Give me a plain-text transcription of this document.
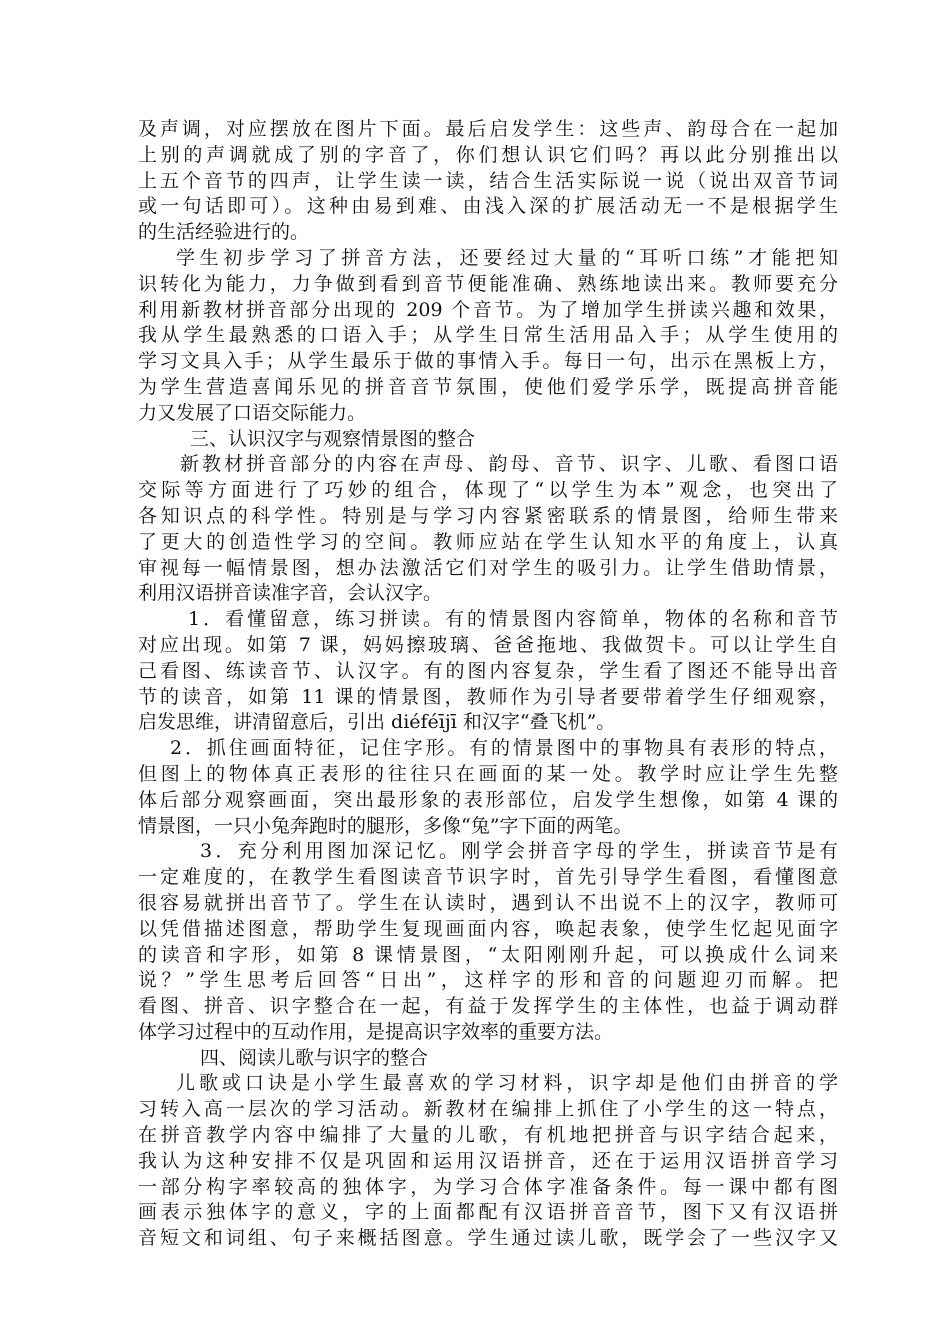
及声调，对应摆放在图片下面。最后启发学生：这些声、韵母合在一起加
上别的声调就成了别的字音了，你们想认识它们吗？再以此分别推出以
上五个音节的四声，让学生读一读，结合生活实际说一说（说出双音节词
或一句话即可）。这种由易到难、由浅入深的扩展活动无一不是根据学生
的生活经验进行的。
学生初步学习了拼音方法，还要经过大量的“耳听口练”才能把知
识转化为能力，力争做到看到音节便能准确、熟练地读出来。教师要充分
利用新教材拼音部分出现的 209 个音节。为了增加学生拼读兴趣和效果，
我从学生最熟悉的口语入手；从学生日常生活用品入手；从学生使用的
学习文具入手；从学生最乐于做的事情入手。每日一句，出示在黑板上方，
为学生营造喜闻乐见的拼音音节氛围，使他们爱学乐学，既提高拼音能
力又发展了口语交际能力。
三、认识汉字与观察情景图的整合
新教材拼音部分的内容在声母、韵母、音节、识字、儿歌、看图口语
交际等方面进行了巧妙的组合，体现了“以学生为本”观念，也突出了
各知识点的科学性。特别是与学习内容紧密联系的情景图，给师生带来
了更大的创造性学习的空间。教师应站在学生认知水平的角度上，认真
审视每一幅情景图，想办法激活它们对学生的吸引力。让学生借助情景，
利用汉语拼音读准字音，会认汉字。
1．看懂留意，练习拼读。有的情景图内容简单，物体的名称和音节
对应出现。如第 7 课，妈妈擦玻璃、爸爸拖地、我做贺卡。可以让学生自
己看图、练读音节、认汉字。有的图内容复杂，学生看了图还不能导出音
节的读音，如第 11 课的情景图，教师作为引导者要带着学生仔细观察，
启发思维，讲清留意后，引出 diéféījī 和汉字“叠飞机”。
2．抓住画面特征，记住字形。有的情景图中的事物具有表形的特点，
但图上的物体真正表形的往往只在画面的某一处。教学时应让学生先整
体后部分观察画面，突出最形象的表形部位，启发学生想像，如第 4 课的
情景图，一只小兔奔跑时的腿形，多像“兔”字下面的两笔。
3．充分利用图加深记忆。刚学会拼音字母的学生，拼读音节是有
一定难度的，在教学生看图读音节识字时，首先引导学生看图，看懂图意
很容易就拼出音节了。学生在认读时，遇到认不出说不上的汉字，教师可
以凭借描述图意，帮助学生复现画面内容，唤起表象，使学生忆起见面字
的读音和字形，如第 8 课情景图，“太阳刚刚升起，可以换成什么词来
说？”学生思考后回答“日出”，这样字的形和音的问题迎刃而解。把
看图、拼音、识字整合在一起，有益于发挥学生的主体性，也益于调动群
体学习过程中的互动作用，是提高识字效率的重要方法。
四、阅读儿歌与识字的整合
儿歌或口诀是小学生最喜欢的学习材料，识字却是他们由拼音的学
习转入高一层次的学习活动。新教材在编排上抓住了小学生的这一特点，
在拼音教学内容中编排了大量的儿歌，有机地把拼音与识字结合起来，
我认为这种安排不仅是巩固和运用汉语拼音，还在于运用汉语拼音学习
一部分构字率较高的独体字，为学习合体字准备条件。每一课中都有图
画表示独体字的意义，字的上面都配有汉语拼音音节，图下又有汉语拼
音短文和词组、句子来概括图意。学生通过读儿歌，既学会了一些汉字又
